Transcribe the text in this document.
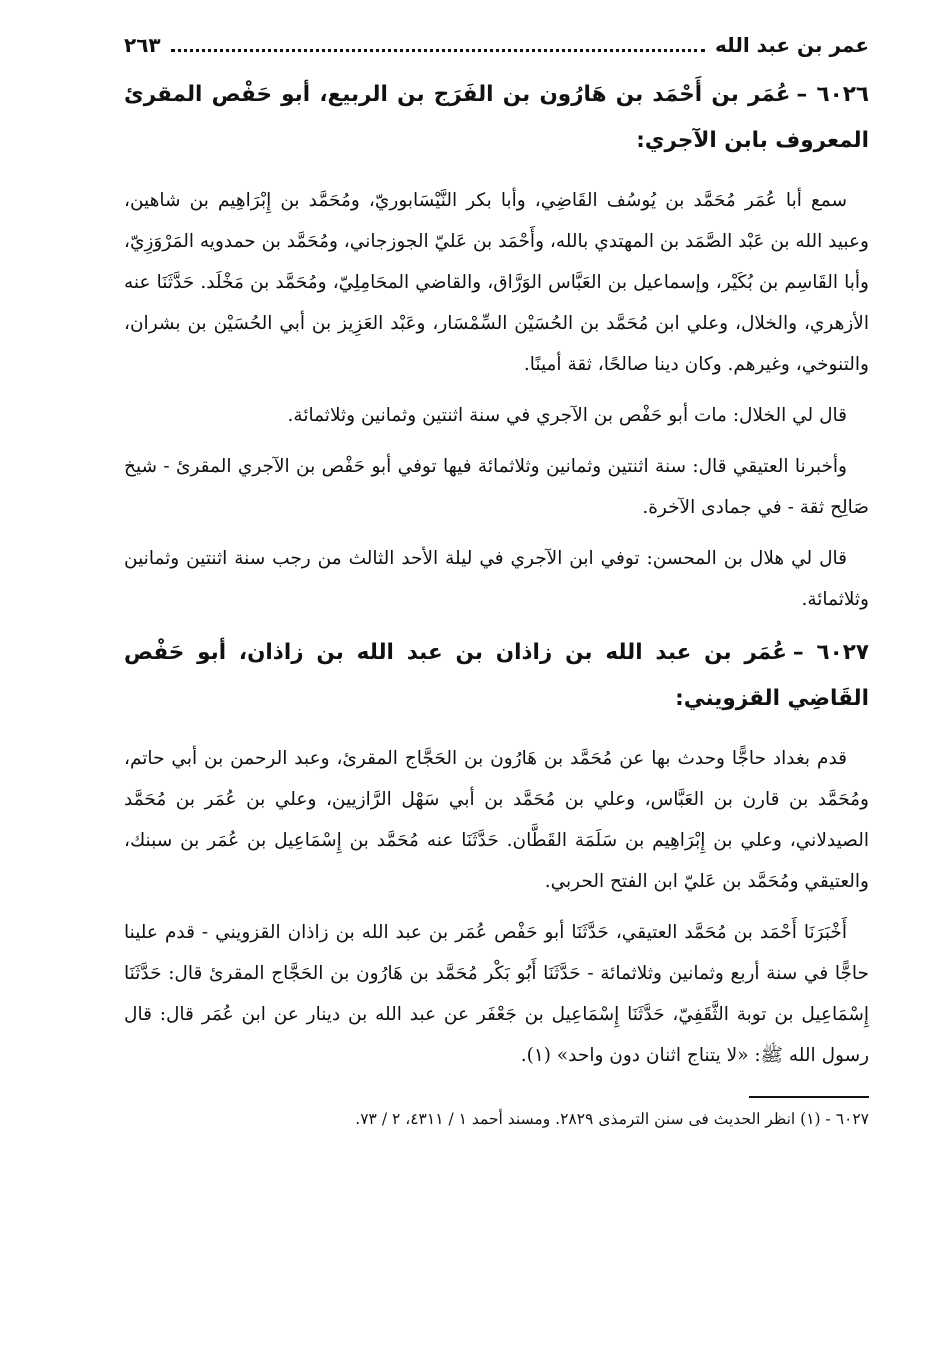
عمر بن عبد الله
٢٦٣

٦٠٢٦ –عُمَر بن أَحْمَد بن هَارُون بن الفَرَج بن الربيع، أبو حَفْص المقرئ المعروف بابن الآجري:

سمع أبا عُمَر مُحَمَّد بن يُوسُف القَاضِي، وأبا بكر النَّيْسَابوريّ، ومُحَمَّد بن إِبْرَاهِيم بن شاهين، وعبيد الله بن عَبْد الصَّمَد بن المهتدي بالله، وأَحْمَد بن عَليّ الجوزجاني، ومُحَمَّد بن حمدويه المَرْوَزِيّ، وأبا القَاسِم بن بُكَيْر، وإسماعيل بن العَبَّاس الوَرَّاق، والقاضي المحَامِلِيّ، ومُحَمَّد بن مَخْلَد. حَدَّثَنَا عنه الأزهري، والخلال، وعلي ابن مُحَمَّد بن الحُسَيْن السِّمْسَار، وعَبْد العَزِيز بن أبي الحُسَيْن بن بشران، والتنوخي، وغيرهم. وكان دينا صالحًا، ثقة أمينًا.

قال لي الخلال: مات أبو حَفْص بن الآجري في سنة اثنتين وثمانين وثلاثمائة.

وأخبرنا العتيقي قال: سنة اثنتين وثمانين وثلاثمائة فيها توفي أبو حَفْص بن الآجري المقرئ - شيخ صَالِح ثقة - في جمادى الآخرة.

قال لي هلال بن المحسن: توفي ابن الآجري في ليلة الأحد الثالث من رجب سنة اثنتين وثمانين وثلاثمائة.

٦٠٢٧ –عُمَر بن عبد الله بن زاذان بن عبد الله بن زاذان، أبو حَفْص القَاضِي القزويني:

قدم بغداد حاجًّا وحدث بها عن مُحَمَّد بن هَارُون بن الحَجَّاج المقرئ، وعبد الرحمن بن أبي حاتم، ومُحَمَّد بن قارن بن العَبَّاس، وعلي بن مُحَمَّد بن أبي سَهْل الرَّازيين، وعلي بن عُمَر بن مُحَمَّد الصيدلاني، وعلي بن إِبْرَاهِيم بن سَلَمَة القَطَّان. حَدَّثَنَا عنه مُحَمَّد بن إِسْمَاعِيل بن عُمَر بن سبنك، والعتيقي ومُحَمَّد بن عَليّ ابن الفتح الحربي.

أَخْبَرَنَا أَحْمَد بن مُحَمَّد العتيقي، حَدَّثَنَا أبو حَفْص عُمَر بن عبد الله بن زاذان القزويني - قدم علينا حاجًّا في سنة أربع وثمانين وثلاثمائة - حَدَّثَنَا أَبُو بَكْر مُحَمَّد بن هَارُون بن الحَجَّاج المقرئ قال: حَدَّثَنَا إِسْمَاعِيل بن توبة الثَّقَفِيّ، حَدَّثَنَا إِسْمَاعِيل بن جَعْفَر عن عبد الله بن دينار عن ابن عُمَر قال: قال رسول الله ﷺ: «لا يتناج اثنان دون واحد» (١).

٦٠٢٧ - (١) انظر الحديث فى سنن الترمذى ٢٨٢٩. ومسند أحمد ١ / ٤٣١١، ٢ / ٧٣.
